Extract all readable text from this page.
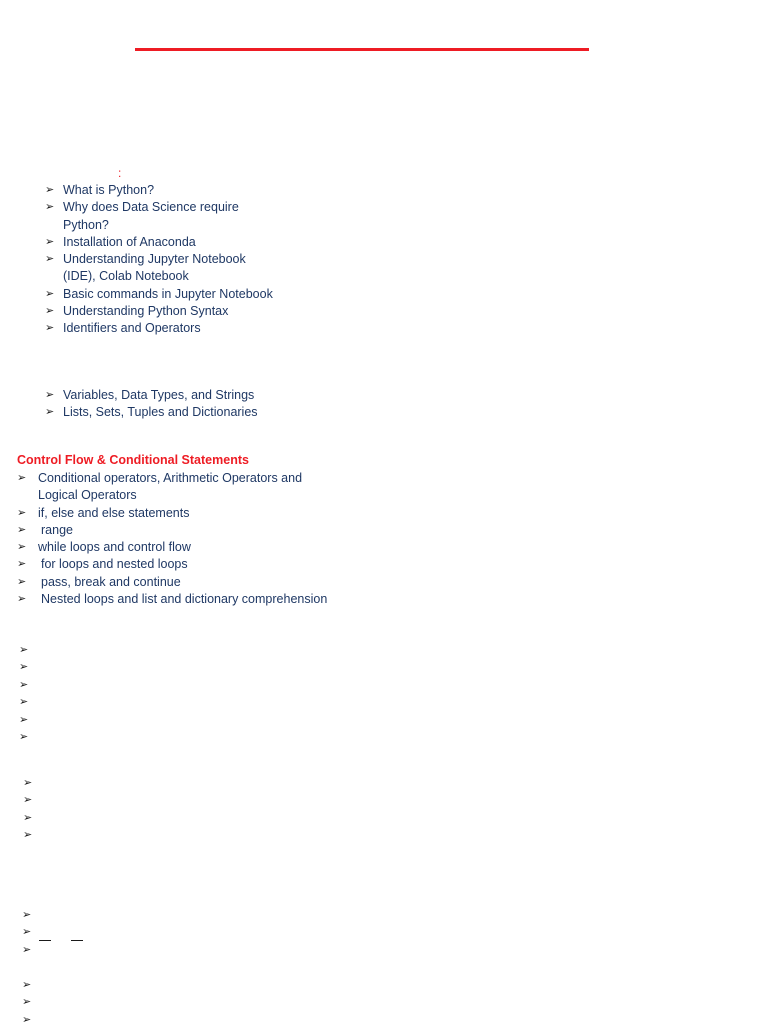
:
➢ What is Python?
➢ Why does Data Science require Python?
➢ Installation of Anaconda
➢ Understanding Jupyter Notebook (IDE), Colab Notebook
➢ Basic commands in Jupyter Notebook
➢ Understanding Python Syntax
➢ Identifiers and Operators
➢ Variables, Data Types, and Strings
➢ Lists, Sets, Tuples and Dictionaries
Control Flow & Conditional Statements
➢ Conditional operators, Arithmetic Operators and Logical Operators
➢ if, else and else statements
➢ range
➢ while loops and control flow
➢ for loops and nested loops
➢ pass, break and continue
➢ Nested loops and list and dictionary comprehension
➢
➢
➢
➢
➢
➢
➢
➢
➢
➢
➢
➢
➢
➢
➢
➢
